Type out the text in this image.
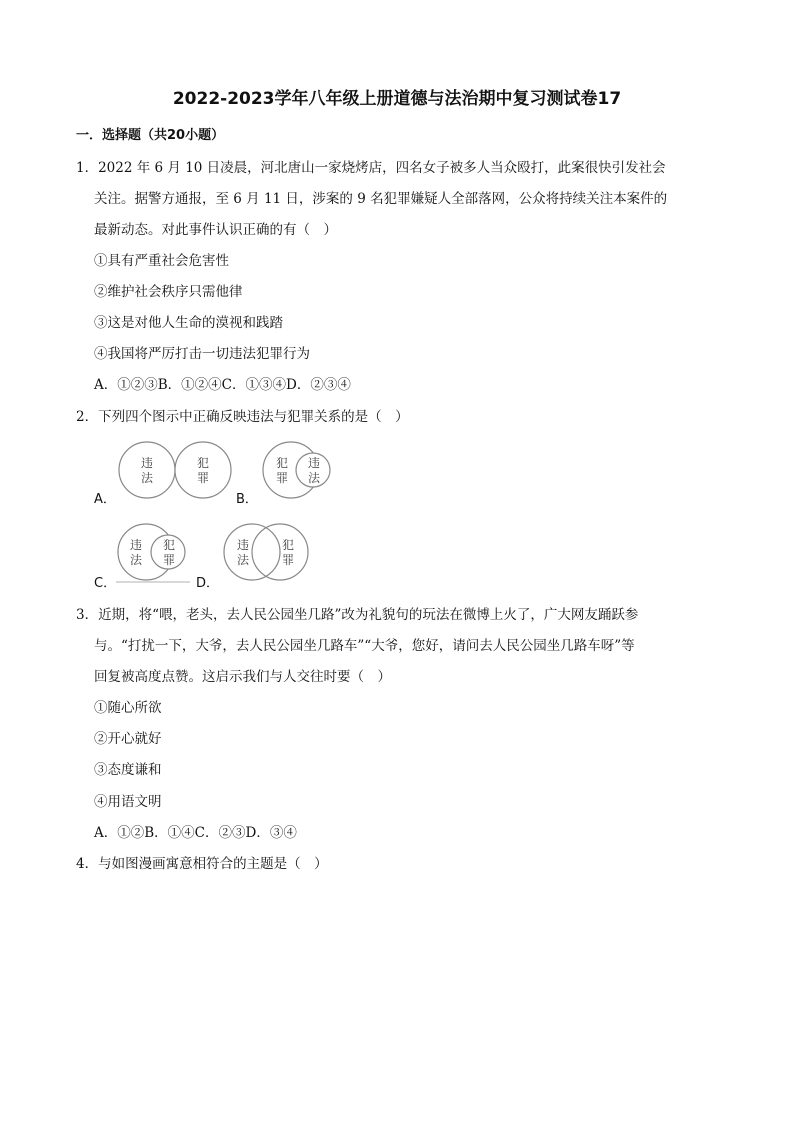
2022-2023学年八年级上册道德与法治期中复习测试卷17
一．选择题（共20小题）
1．2022 年 6 月 10 日凌晨，河北唐山一家烧烤店，四名女子被多人当众殴打，此案很快引发社会
关注。据警方通报，至 6 月 11 日，涉案的 9 名犯罪嫌疑人全部落网，公众将持续关注本案件的
最新动态。对此事件认识正确的有（　）
①具有严重社会危害性
②维护社会秩序只需他律
③这是对他人生命的漠视和践踏
④我国将严厉打击一切违法犯罪行为
A．①②③B．①②④C．①③④D．②③④
2．下列四个图示中正确反映违法与犯罪关系的是（　）
A．
违
法
犯
罪
B．
犯
罪
违
法
C．
违
法
犯
罪
D．
违
法
犯
罪
3．近期，将“喂，老头，去人民公园坐几路”改为礼貌句的玩法在微博上火了，广大网友踊跃参
与。“打扰一下，大爷，去人民公园坐几路车”“大爷，您好，请问去人民公园坐几路车呀”等
回复被高度点赞。这启示我们与人交往时要（　）
①随心所欲
②开心就好
③态度谦和
④用语文明
A．①②B．①④C．②③D．③④
4．与如图漫画寓意相符合的主题是（　）
